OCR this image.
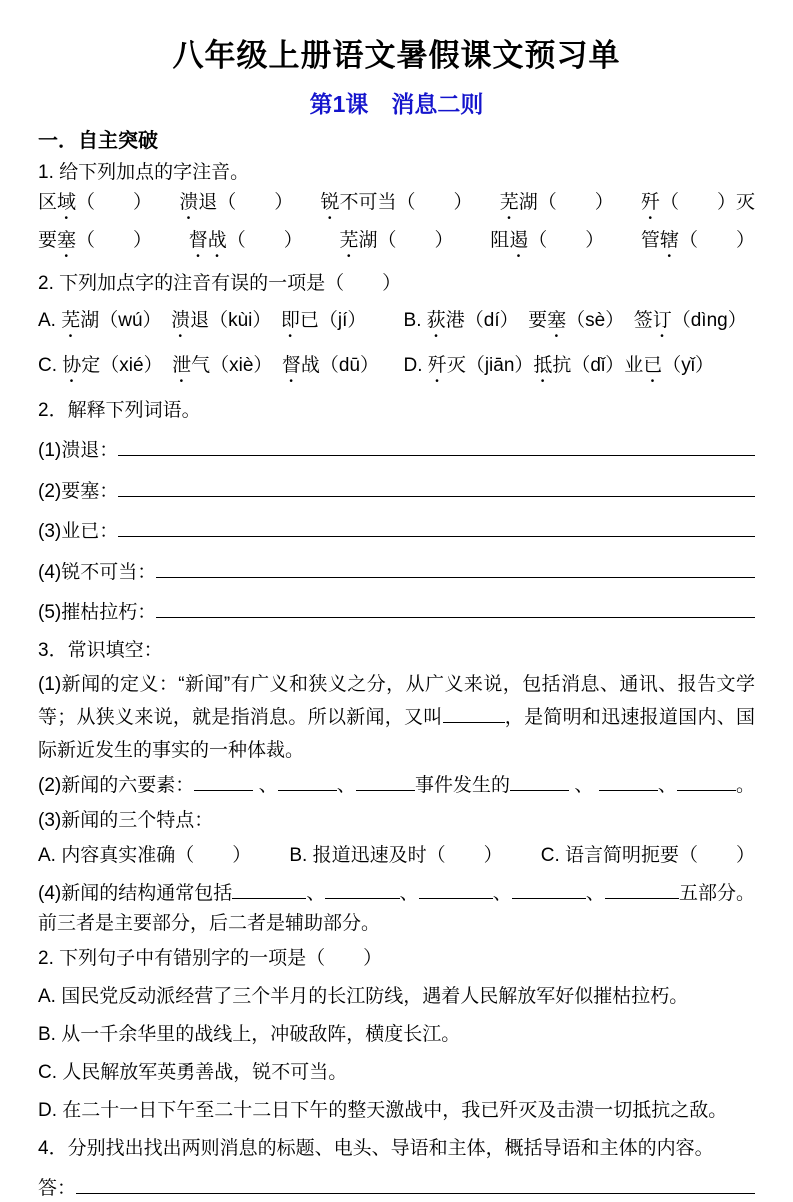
八年级上册语文暑假课文预习单
第1课　消息二则
一．自主突破
1. 给下列加点的字注音。
区域（　　） 溃退（　　） 锐不可当（　　） 芜湖（　　） 歼（　　）灭
要塞（　　） 督战（　　） 芜湖（　　） 阻遏（　　） 管辖（　　）
2. 下列加点字的注音有误的一项是（　　）
A. 芜湖（wú）　溃退（kùi）　即已（jí）	B. 荻港（dí）　要塞（sè）　签订（dìng）
C. 协定（xié）　泄气（xiè）　督战（dū）	D. 歼灭（jiān）抵抗（dǐ）业已（yǐ）
2．解释下列词语。
(1)溃退：
(2)要塞：
(3)业已：
(4)锐不可当：
(5)摧枯拉朽：
3．常识填空：
(1)新闻的定义：“新闻”有广义和狭义之分，从广义来说，包括消息、通讯、报告文学等；从狭义来说，就是指消息。所以新闻，又叫	，是简明和迅速报道国内、国际新近发生的事实的一种体裁。
(2)新闻的六要素：	、	、	事件发生的	、	、	。
(3)新闻的三个特点：
A. 内容真实准确（　　） B. 报道迅速及时（　　） C. 语言简明扼要（　　）
(4)新闻的结构通常包括	、	、	、	、	五部分。
前三者是主要部分，后二者是辅助部分。
2. 下列句子中有错别字的一项是（　　）
A. 国民党反动派经营了三个半月的长江防线，遇着人民解放军好似摧枯拉朽。
B. 从一千余华里的战线上，冲破敌阵，横度长江。
C. 人民解放军英勇善战，锐不可当。
D. 在二十一日下午至二十二日下午的整天激战中，我已歼灭及击溃一切抵抗之敌。
4．分别找出找出两则消息的标题、电头、导语和主体，概括导语和主体的内容。
答：
